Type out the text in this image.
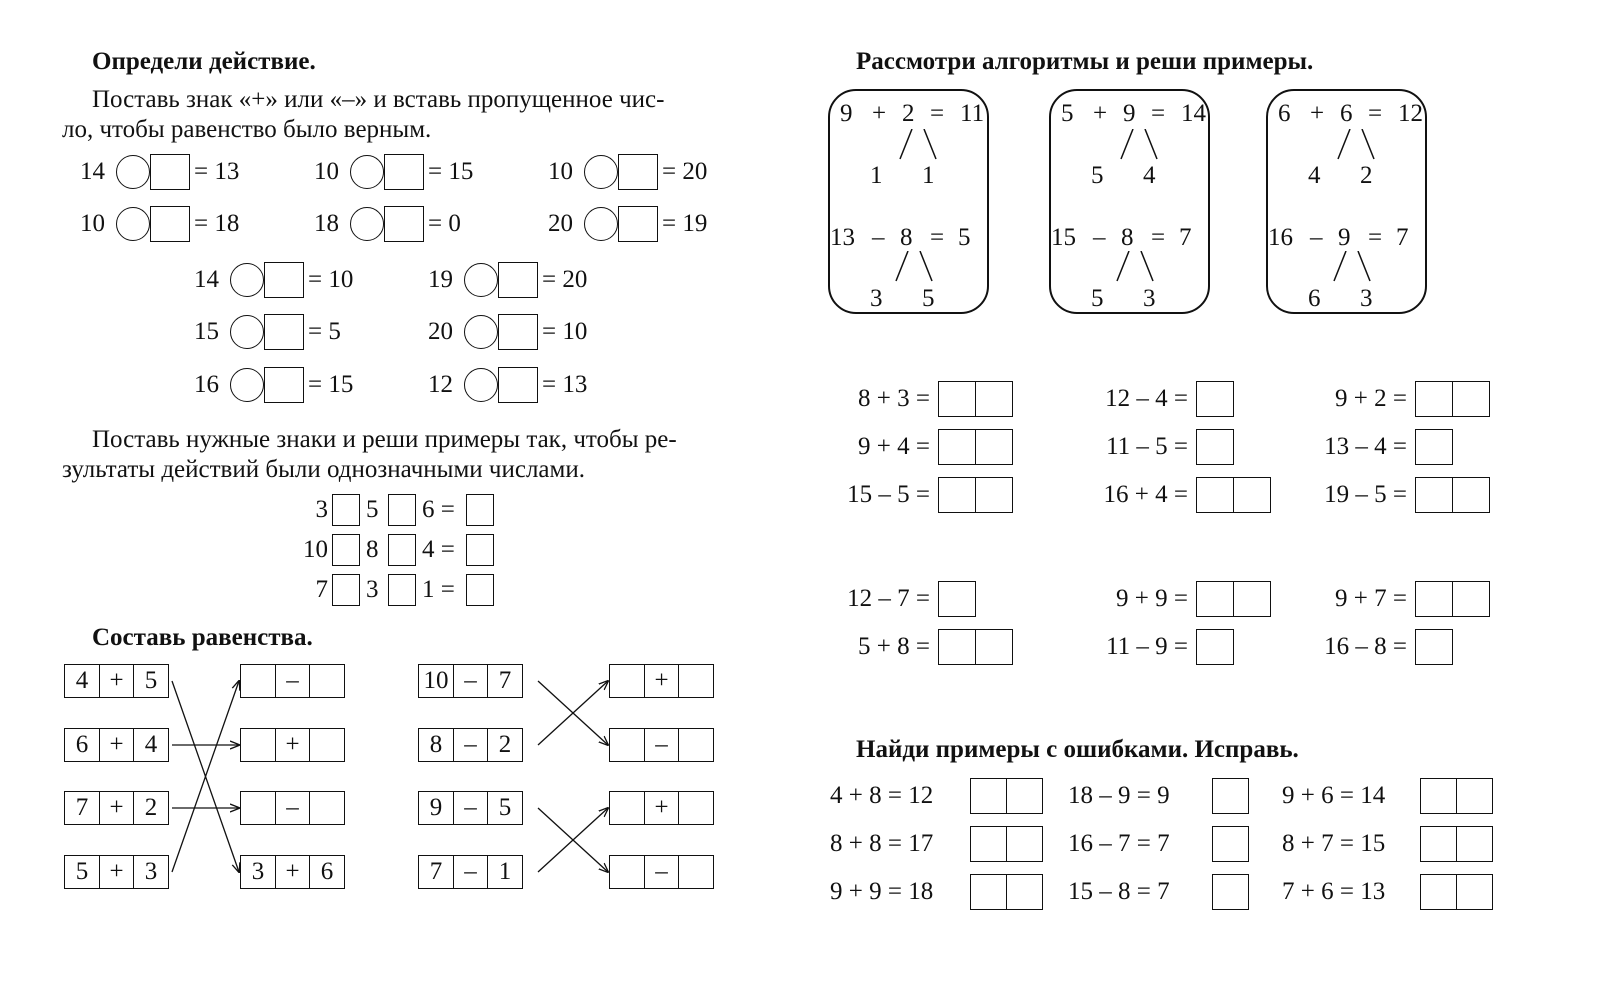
Определи действие.
Поставь знак «+» или «–» и вставь пропущенное чис-
ло, чтобы равенство было верным.
14	= 13	10	= 15	10	= 20
10	= 18	18	= 0	20	= 19
14	= 10	19	= 20
15	= 5	20	= 10
16	= 15	12	= 13
Поставь нужные знаки и реши примеры так, чтобы ре-
зультаты действий были однозначными числами.
3 5 6 =
10 8 4 =
7 3 1 =
Составь равенства.
4 + 5
6 + 4
7 + 2
5 + 3
–
+
–
3 + 6
10 – 7
8 – 2
9 – 5
7 – 1
+
–
+
–
Рассмотри алгоритмы и реши примеры.
9 + 2 = 11
1 1
13 – 8 = 5
3 5
5 + 9 = 14
5 4
15 – 8 = 7
5 3
6 + 6 = 12
4 2
16 – 9 = 7
6 3
8 + 3 =	12 – 4 =	9 + 2 =
9 + 4 =	11 – 5 =	13 – 4 =
15 – 5 =	16 + 4 =	19 – 5 =
12 – 7 =	9 + 9 =	9 + 7 =
5 + 8 =	11 – 9 =	16 – 8 =
Найди примеры с ошибками. Исправь.
4 + 8 = 12	18 – 9 = 9	9 + 6 = 14
8 + 8 = 17	16 – 7 = 7	8 + 7 = 15
9 + 9 = 18	15 – 8 = 7	7 + 6 = 13
